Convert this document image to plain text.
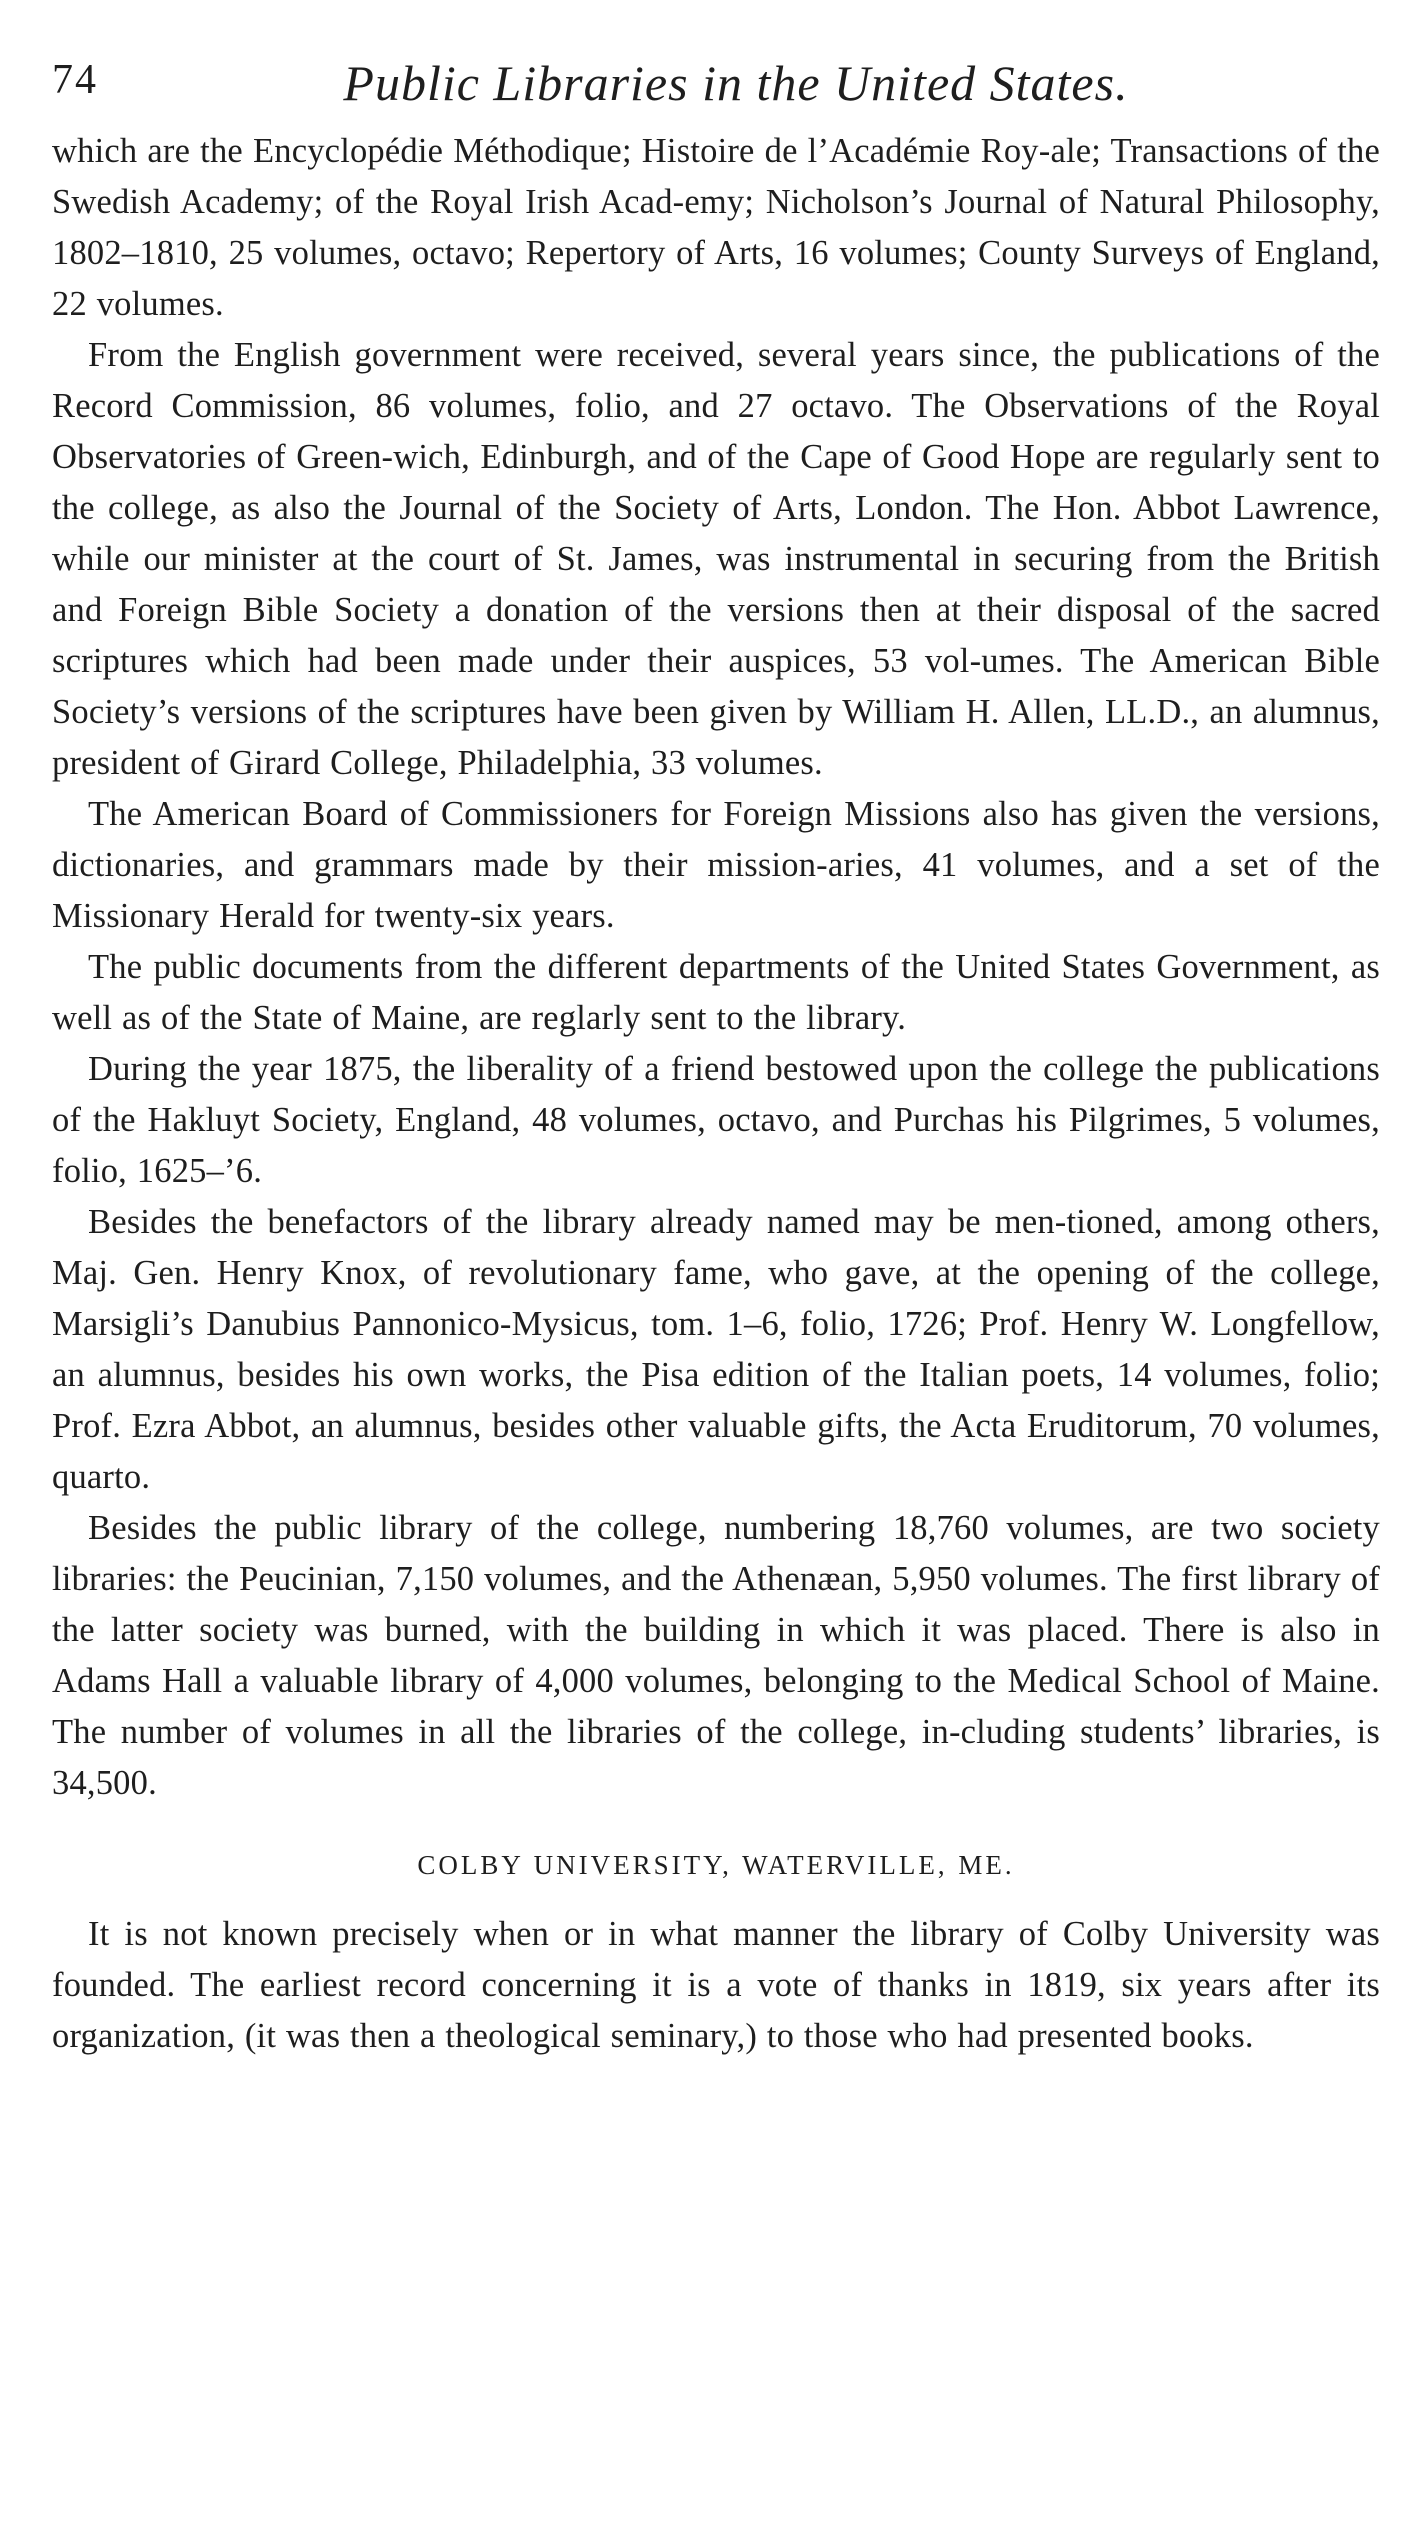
74	Public Libraries in the United States.

which are the Encyclopédie Méthodique; Histoire de l’Académie Roy-ale; Transactions of the Swedish Academy; of the Royal Irish Acad-emy; Nicholson’s Journal of Natural Philosophy, 1802–1810, 25 volumes, octavo; Repertory of Arts, 16 volumes; County Surveys of England, 22 volumes.

From the English government were received, several years since, the publications of the Record Commission, 86 volumes, folio, and 27 octavo. The Observations of the Royal Observatories of Green-wich, Edinburgh, and of the Cape of Good Hope are regularly sent to the college, as also the Journal of the Society of Arts, London. The Hon. Abbot Lawrence, while our minister at the court of St. James, was instrumental in securing from the British and Foreign Bible Society a donation of the versions then at their disposal of the sacred scriptures which had been made under their auspices, 53 vol-umes. The American Bible Society’s versions of the scriptures have been given by William H. Allen, LL.D., an alumnus, president of Girard College, Philadelphia, 33 volumes.

The American Board of Commissioners for Foreign Missions also has given the versions, dictionaries, and grammars made by their mission-aries, 41 volumes, and a set of the Missionary Herald for twenty-six years.

The public documents from the different departments of the United States Government, as well as of the State of Maine, are reglarly sent to the library.

During the year 1875, the liberality of a friend bestowed upon the college the publications of the Hakluyt Society, England, 48 volumes, octavo, and Purchas his Pilgrimes, 5 volumes, folio, 1625–’6.

Besides the benefactors of the library already named may be men-tioned, among others, Maj. Gen. Henry Knox, of revolutionary fame, who gave, at the opening of the college, Marsigli’s Danubius Pannonico-Mysicus, tom. 1–6, folio, 1726; Prof. Henry W. Longfellow, an alumnus, besides his own works, the Pisa edition of the Italian poets, 14 volumes, folio; Prof. Ezra Abbot, an alumnus, besides other valuable gifts, the Acta Eruditorum, 70 volumes, quarto.

Besides the public library of the college, numbering 18,760 volumes, are two society libraries: the Peucinian, 7,150 volumes, and the Athenæan, 5,950 volumes. The first library of the latter society was burned, with the building in which it was placed. There is also in Adams Hall a valuable library of 4,000 volumes, belonging to the Medical School of Maine. The number of volumes in all the libraries of the college, in-cluding students’ libraries, is 34,500.

COLBY UNIVERSITY, WATERVILLE, ME.

It is not known precisely when or in what manner the library of Colby University was founded. The earliest record concerning it is a vote of thanks in 1819, six years after its organization, (it was then a theological seminary,) to those who had presented books.
